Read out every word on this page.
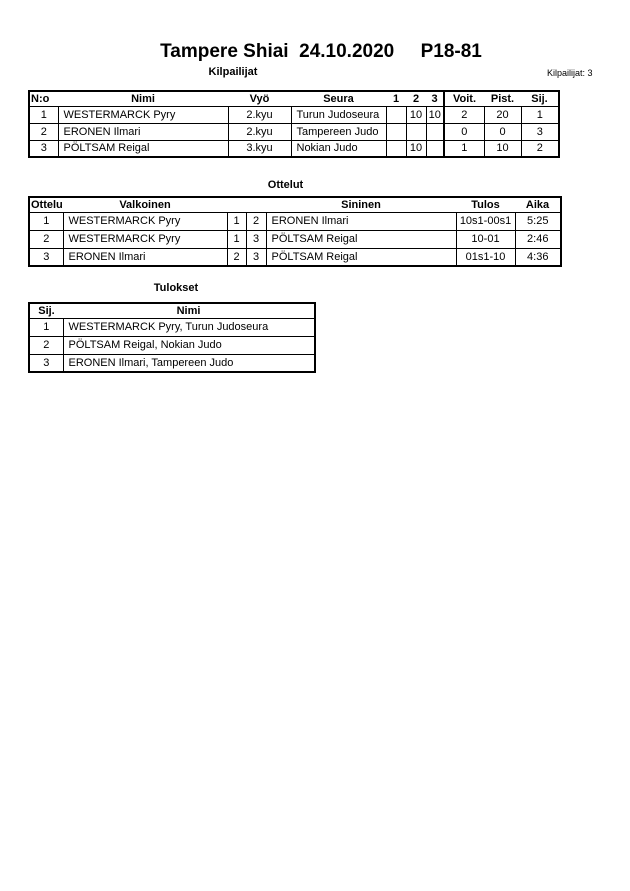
Tampere Shiai  24.10.2020     P18-81
Kilpailijat: 3
Kilpailijat
N:o	Nimi	Vyö	Seura	1	2	3	Voit.	Pist.	Sij.
1	WESTERMARCK Pyry	2.kyu	Turun Judoseura		10	10	2	20	1
2	ERONEN Ilmari	2.kyu	Tampereen Judo				0	0	3
3	PÖLTSAM Reigal	3.kyu	Nokian Judo		10		1	10	2
Ottelut
Ottelu	Valkoinen			Sininen	Tulos	Aika
1	WESTERMARCK Pyry	1	2	ERONEN Ilmari	10s1-00s1	5:25
2	WESTERMARCK Pyry	1	3	PÖLTSAM Reigal	10-01	2:46
3	ERONEN Ilmari	2	3	PÖLTSAM Reigal	01s1-10	4:36
Tulokset
Sij.	Nimi
1	WESTERMARCK Pyry, Turun Judoseura
2	PÖLTSAM Reigal, Nokian Judo
3	ERONEN Ilmari, Tampereen Judo
